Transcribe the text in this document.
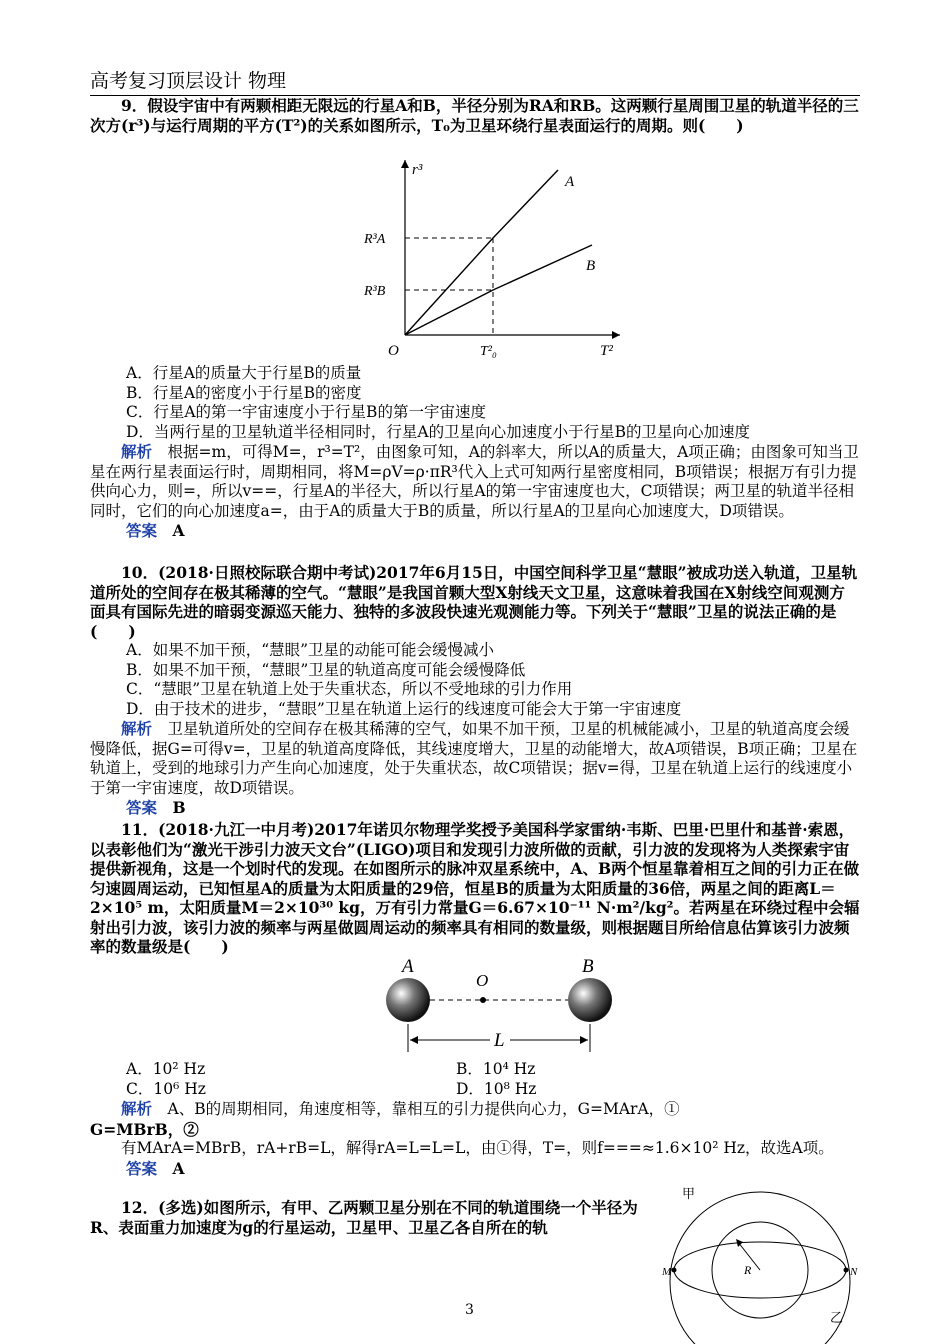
高考复习顶层设计 物理

9．假设宇宙中有两颗相距无限远的行星A和B，半径分别为RA和RB。这两颗行星周围卫星的轨道半径的三次方(r³)与运行周期的平方(T²)的关系如图所示，T₀为卫星环绕行星表面运行的周期。则(　　)

r³
T²
R³A
R³B
O	T²₀
A
B

A．行星A的质量大于行星B的质量

B．行星A的密度小于行星B的密度

C．行星A的第一宇宙速度小于行星B的第一宇宙速度

D．当两行星的卫星轨道半径相同时，行星A的卫星向心加速度小于行星B的卫星向心加速度

解析　 根据=m，可得M=，r³=T²，由图象可知，A的斜率大，所以A的质量大，A项正确；由图象可知当卫星在两行星表面运行时，周期相同，将M=ρV=ρ·πR³代入上式可知两行星密度相同，B项错误；根据万有引力提供向心力，则=，所以v==，行星A的半径大，所以行星A的第一宇宙速度也大，C项错误；两卫星的轨道半径相同时，它们的向心加速度a=，由于A的质量大于B的质量，所以行星A的卫星向心加速度大，D项错误。

答案　 A

10．(2018·日照校际联合期中考试)2017年6月15日，中国空间科学卫星“慧眼”被成功送入轨道，卫星轨道所处的空间存在极其稀薄的空气。“慧眼”是我国首颗大型X射线天文卫星，这意味着我国在X射线空间观测方面具有国际先进的暗弱变源巡天能力、独特的多波段快速光观测能力等。下列关于“慧眼”卫星的说法正确的是(　　)

A．如果不加干预，“慧眼”卫星的动能可能会缓慢减小

B．如果不加干预，“慧眼”卫星的轨道高度可能会缓慢降低

C．“慧眼”卫星在轨道上处于失重状态，所以不受地球的引力作用

D．由于技术的进步，“慧眼”卫星在轨道上运行的线速度可能会大于第一宇宙速度

解析　 卫星轨道所处的空间存在极其稀薄的空气，如果不加干预，卫星的机械能减小，卫星的轨道高度会缓慢降低，据G=可得v=，卫星的轨道高度降低，其线速度增大，卫星的动能增大，故A项错误，B项正确；卫星在轨道上，受到的地球引力产生向心加速度，处于失重状态，故C项错误；据v=得，卫星在轨道上运行的线速度小于第一宇宙速度，故D项错误。

答案　 B

11．(2018·九江一中月考)2017年诺贝尔物理学奖授予美国科学家雷纳·韦斯、巴里·巴里什和基普·索恩，以表彰他们为“激光干涉引力波天文台”(LIGO)项目和发现引力波所做的贡献，引力波的发现将为人类探索宇宙提供新视角，这是一个划时代的发现。在如图所示的脉冲双星系统中，A、B两个恒星靠着相互之间的引力正在做匀速圆周运动，已知恒星A的质量为太阳质量的29倍，恒星B的质量为太阳质量的36倍，两星之间的距离L＝2×10⁵ m，太阳质量M＝2×10³⁰ kg，万有引力常量G＝6.67×10⁻¹¹ N·m²/kg²。若两星在环绕过程中会辐射出引力波，该引力波的频率与两星做圆周运动的频率具有相同的数量级，则根据题目所给信息估算该引力波频率的数量级是(　　)

A
O
B
L
A．10² Hz	B．10⁴ Hz
C．10⁶ Hz	D．10⁸ Hz

解析　 A、B的周期相同，角速度相等，靠相互的引力提供向心力，G=MArA，①

G=MBrB，②

有MArA=MBrB，rA+rB=L，解得rA=L=L=L，由①得，T=，则f===≈1.6×10² Hz，故选A项。

答案　 A

12．(多选)如图所示，有甲、乙两颗卫星分别在不同的轨道围绕一个半径为R、表面重力加速度为g的行星运动，卫星甲、卫星乙各自所在的轨

甲
乙
R
M	N
3
